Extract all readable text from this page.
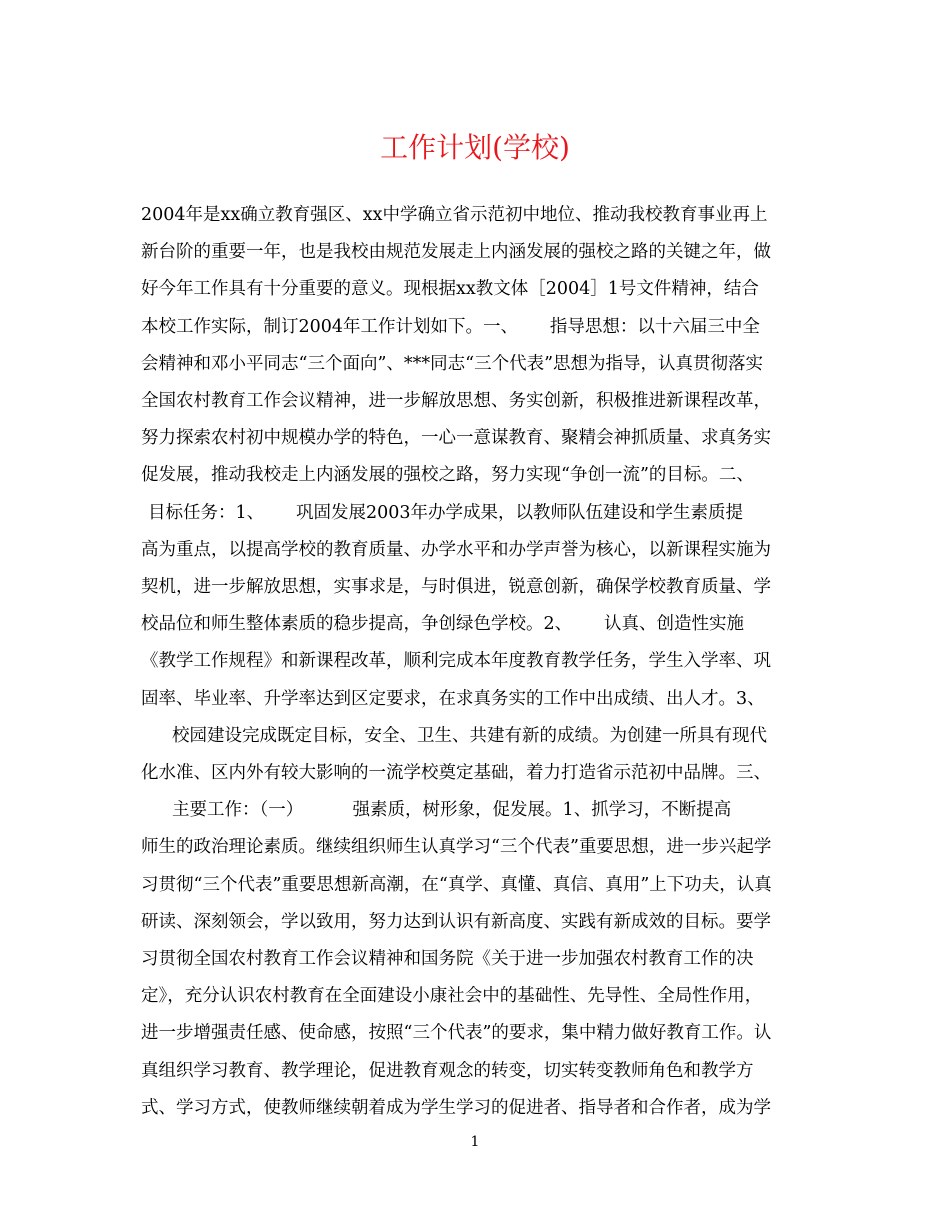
工作计划(学校)
2004年是xx确立教育强区、xx中学确立省示范初中地位、推动我校教育事业再上
新台阶的重要一年，也是我校由规范发展走上内涵发展的强校之路的关键之年，做
好今年工作具有十分重要的意义。现根据xx教文体［2004］1号文件精神，结合
本校工作实际，制订2004年工作计划如下。一、　　 指导思想：以十六届三中全
会精神和邓小平同志“三个面向”、***同志“三个代表”思想为指导，认真贯彻落实
全国农村教育工作会议精神，进一步解放思想、务实创新，积极推进新课程改革，
努力探索农村初中规模办学的特色，一心一意谋教育、聚精会神抓质量、求真务实
促发展，推动我校走上内涵发展的强校之路，努力实现“争创一流”的目标。二、
目标任务：1、　　 巩固发展2003年办学成果，以教师队伍建设和学生素质提
高为重点，以提高学校的教育质量、办学水平和办学声誉为核心，以新课程实施为
契机，进一步解放思想，实事求是，与时俱进，锐意创新，确保学校教育质量、学
校品位和师生整体素质的稳步提高，争创绿色学校。2、　　 认真、创造性实施
《教学工作规程》和新课程改革，顺利完成本年度教育教学任务，学生入学率、巩
固率、毕业率、升学率达到区定要求，在求真务实的工作中出成绩、出人才。3、
校园建设完成既定目标，安全、卫生、共建有新的成绩。为创建一所具有现代
化水准、区内外有较大影响的一流学校奠定基础，着力打造省示范初中品牌。三、
主要工作：（一）　　　 强素质，树形象，促发展。1、抓学习，不断提高
师生的政治理论素质。继续组织师生认真学习“三个代表”重要思想，进一步兴起学
习贯彻“三个代表”重要思想新高潮，在“真学、真懂、真信、真用”上下功夫，认真
研读、深刻领会，学以致用，努力达到认识有新高度、实践有新成效的目标。要学
习贯彻全国农村教育工作会议精神和国务院《关于进一步加强农村教育工作的决
定》，充分认识农村教育在全面建设小康社会中的基础性、先导性、全局性作用，
进一步增强责任感、使命感，按照“三个代表”的要求，集中精力做好教育工作。认
真组织学习教育、教学理论，促进教育观念的转变，切实转变教师角色和教学方
式、学习方式，使教师继续朝着成为学生学习的促进者、指导者和合作者，成为学
1
